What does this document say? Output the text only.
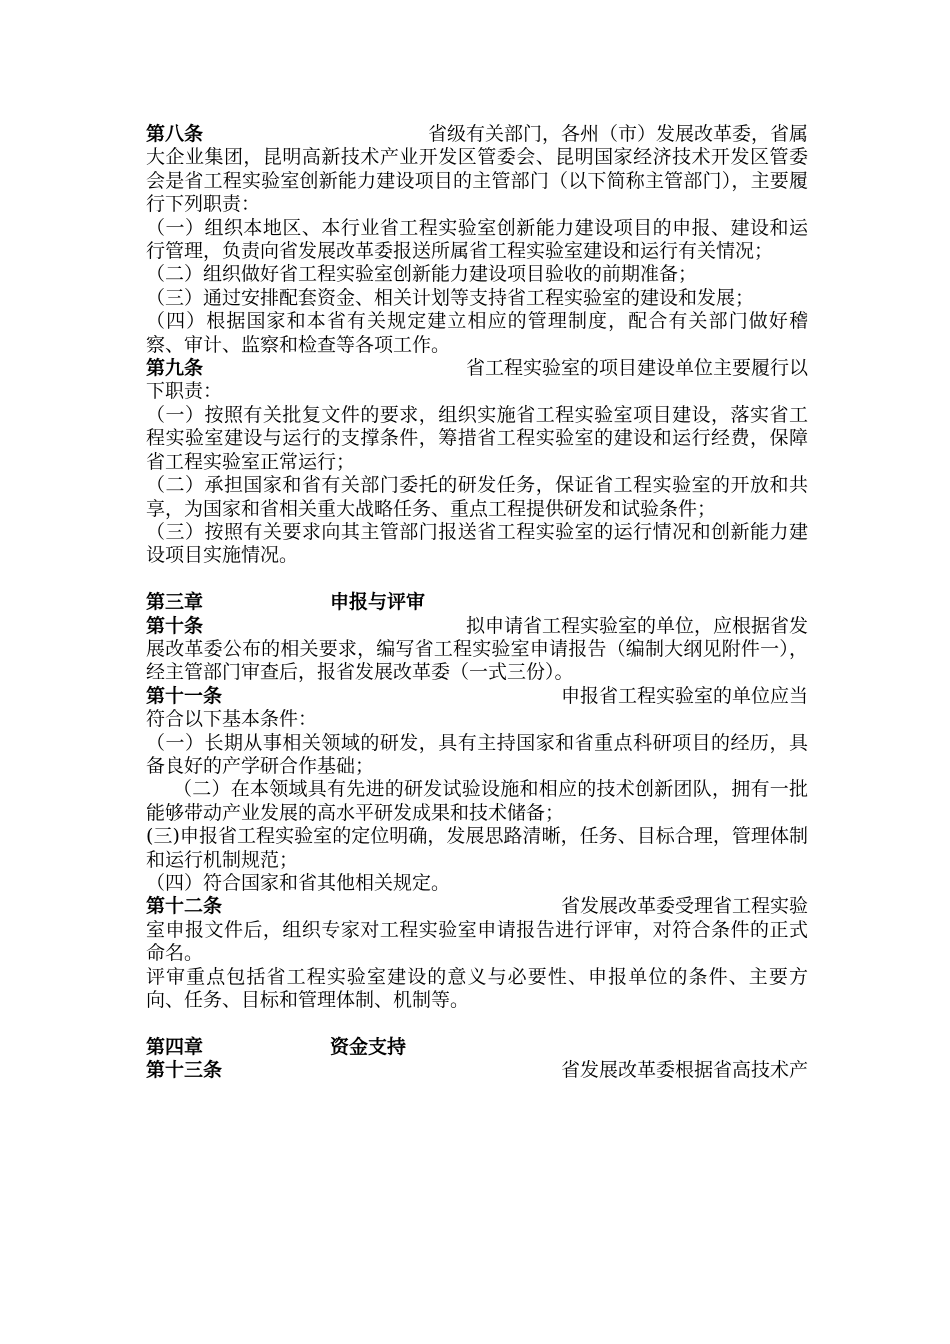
第八条	省级有关部门，各州（市）发展改革委，省属

大企业集团，昆明高新技术产业开发区管委会、昆明国家经济技术开发区管委会是省工程实验室创新能力建设项目的主管部门（以下简称主管部门），主要履行下列职责：

（一）组织本地区、本行业省工程实验室创新能力建设项目的申报、建设和运行管理，负责向省发展改革委报送所属省工程实验室建设和运行有关情况；

（二）组织做好省工程实验室创新能力建设项目验收的前期准备；

（三）通过安排配套资金、相关计划等支持省工程实验室的建设和发展；

（四）根据国家和本省有关规定建立相应的管理制度，配合有关部门做好稽察、审计、监察和检查等各项工作。

第九条	省工程实验室的项目建设单位主要履行以

下职责：

（一）按照有关批复文件的要求，组织实施省工程实验室项目建设，落实省工程实验室建设与运行的支撑条件，筹措省工程实验室的建设和运行经费，保障省工程实验室正常运行；

（二）承担国家和省有关部门委托的研发任务，保证省工程实验室的开放和共享，为国家和省相关重大战略任务、重点工程提供研发和试验条件；

（三）按照有关要求向其主管部门报送省工程实验室的运行情况和创新能力建设项目实施情况。

第三章	申报与评审
第十条	拟申请省工程实验室的单位，应根据省发

展改革委公布的相关要求，编写省工程实验室申请报告（编制大纲见附件一），经主管部门审查后，报省发展改革委（一式三份）。

第十一条	申报省工程实验室的单位应当

符合以下基本条件：

（一）长期从事相关领域的研发，具有主持国家和省重点科研项目的经历，具备良好的产学研合作基础；

（二）在本领域具有先进的研发试验设施和相应的技术创新团队，拥有一批能够带动产业发展的高水平研发成果和技术储备；

(三)申报省工程实验室的定位明确，发展思路清晰，任务、目标合理，管理体制和运行机制规范；

（四）符合国家和省其他相关规定。

第十二条	省发展改革委受理省工程实验

室申报文件后，组织专家对工程实验室申请报告进行评审，对符合条件的正式命名。

评审重点包括省工程实验室建设的意义与必要性、申报单位的条件、主要方向、任务、目标和管理体制、机制等。

第四章	资金支持
第十三条	省发展改革委根据省高技术产
